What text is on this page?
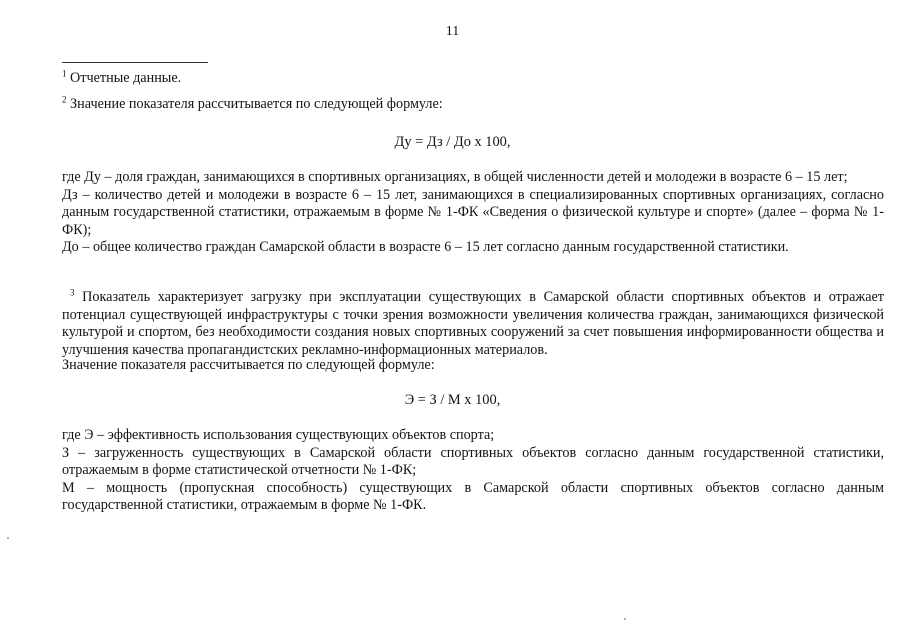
11
$^1$ Отчетные данные.
$^2$ Значение показателя рассчитывается по следующей формуле:
Ду = Дз / До х 100,
где Ду – доля граждан, занимающихся в спортивных организациях, в общей численности детей и молодежи в возрасте 6 – 15 лет;
Дз – количество детей и молодежи в возрасте 6 – 15 лет, занимающихся в специализированных спортивных организациях, согласно данным государственной статистики, отражаемым в форме № 1-ФК «Сведения о физической культуре и спорте» (далее – форма № 1-ФК);
До – общее количество граждан Самарской области в возрасте 6 – 15 лет согласно данным государственной статистики.
$^3$ Показатель характеризует загрузку при эксплуатации существующих в Самарской области спортивных объектов и отражает потенциал существующей инфраструктуры с точки зрения возможности увеличения количества граждан, занимающихся физической культурой и спортом, без необходимости создания новых спортивных сооружений за счет повышения информированности общества и улучшения качества пропагандистских рекламно-информационных материалов.
Значение показателя рассчитывается по следующей формуле:
Э = З / М х 100,
где Э – эффективность использования существующих объектов спорта;
З – загруженность существующих в Самарской области спортивных объектов согласно данным государственной статистики, отражаемым в форме статистической отчетности № 1-ФК;
М – мощность (пропускная способность) существующих в Самарской области спортивных объектов согласно данным государственной статистики, отражаемым в форме № 1-ФК.
